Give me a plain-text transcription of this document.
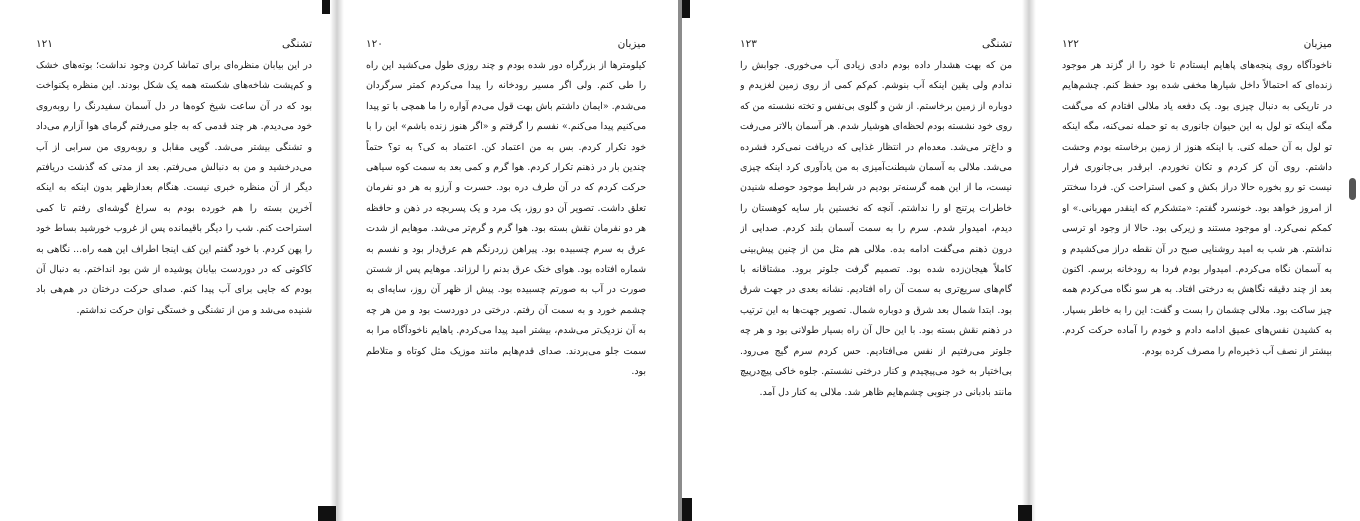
۱۲۱	تشنگی

در این بیابان منظره‌ای برای تماشا کردن وجود نداشت؛ بوته‌های خشک و کم‌پشت شاخه‌های شکسته همه یک شکل بودند. این منظره یکنواخت بود که در آن ساعت شیخ کوه‌ها در دل آسمان سفیدرنگ را روبه‌روی خود می‌دیدم. هر چند قدمی که به جلو می‌رفتم گرمای هوا آزارم می‌داد و تشنگی بیشتر می‌شد. گویی مقابل و روبه‌روی من سرابی از آب می‌درخشید و من به دنبالش می‌رفتم. بعد از مدتی که گذشت دریافتم دیگر از آن منظره خبری نیست. هنگام بعدازظهر بدون اینکه به اینکه آخرین بسته را هم خورده بودم به سراغ گوشه‌ای رفتم تا کمی استراحت کنم. شب را دیگر باقیمانده پس از غروب خورشید بساط خود را پهن کردم. با خود گفتم این کف اینجا اطراف این همه راه... نگاهی به کاکوتی که در دوردست بیابان پوشیده از شن بود انداختم. به دنبال آن بودم که جایی برای آب پیدا کنم. صدای حرکت درختان در هم‌هی باد شنیده می‌شد و من از تشنگی و خستگی توان حرکت نداشتم.

۱۲۰	میزبان

کیلومترها از بزرگراه دور شده بودم و چند روزی طول می‌کشید این راه را طی کنم. ولی اگر مسیر رودخانه را پیدا می‌کردم کمتر سرگردان می‌شدم. «ایمان داشتم باش بهت قول می‌دم آواره را ما همچی با تو پیدا می‌کنیم پیدا می‌کنم.» نفسم را گرفتم و «اگر هنوز زنده باشم» این را با خود تکرار کردم. بس به من اعتماد کن. اعتماد به کی؟ به تو؟ حتماً چندین بار در ذهنم تکرار کردم. هوا گرم و کمی بعد به سمت کوه سیاهی حرکت کردم که در آن طرف دره بود. حسرت و آرزو به هر دو نفرمان تعلق داشت. تصویر آن دو روز، یک مرد و یک پسربچه در ذهن و حافظه هر دو نفرمان نقش بسته بود. هوا گرم و گرم‌تر می‌شد. موهایم از شدت عرق به سرم چسبیده بود. پیراهن زردرنگم هم عرق‌دار بود و نفسم به شماره افتاده بود. هوای خنک عرق بدنم را لرزاند. موهایم پس از شستن صورت در آب به صورتم چسبیده بود. پیش از ظهر آن روز، سایه‌ای به چشمم خورد و به سمت آن رفتم. درختی در دوردست بود و من هر چه به آن نزدیک‌تر می‌شدم، بیشتر امید پیدا می‌کردم. یاهایم ناخودآگاه مرا به سمت جلو می‌بردند. صدای قدم‌هایم مانند موزیک مثل کوتاه و متلاطم بود.

۱۲۳	تشنگی

من که بهت هشدار داده بودم دادی زیادی آب می‌خوری. جوابش را ندادم ولی یقین اینکه آب بنوشم. کم‌کم کمی از روی زمین لغزیدم و دوباره از زمین برخاستم. از شن و گلوی بی‌نفس و تخته نشسته من که روی خود نشسته بودم لحظه‌ای هوشیار شدم. هر آسمان بالاتر می‌رفت و داغ‌تر می‌شد. معده‌ام در انتظار غذایی که دریافت نمی‌کرد فشرده می‌شد. ملالی به آسمان شیطنت‌آمیزی به من یادآوری کرد اینکه چیزی نیست، ما از این همه گرسنه‌تر بودیم در شرایط موجود حوصله شنیدن خاطرات پرتنج او را نداشتم. آنچه که نخستین بار سایه کوهستان را دیدم، امیدوار شدم. سرم را به سمت آسمان بلند کردم. صدایی از درون ذهنم می‌گفت ادامه بده. ملالی هم مثل من از چنین پیش‌بینی کاملاً هیجان‌زده شده بود. تصمیم گرفت جلوتر برود. مشتاقانه با گام‌های سریع‌تری به سمت آن راه افتادیم. نشانه بعدی در جهت شرق بود. ابتدا شمال بعد شرق و دوباره شمال. تصویر جهت‌ها به این ترتیب در ذهنم نقش بسته بود. با این حال آن راه بسیار طولانی بود و هر چه جلوتر می‌رفتیم از نفس می‌افتادیم. حس کردم سرم گیج می‌رود. بی‌اختیار به خود می‌پیچیدم و کنار درختی نشستم. جلوه خاکی پیچ‌درپیچ مانند بادبانی در جنوبی چشم‌هایم ظاهر شد. ملالی به کنار دل آمد.

۱۲۲	میزبان

ناخودآگاه روی پنجه‌های پاهایم ایستادم تا خود را از گزند هر موجود زنده‌ای که احتمالاً داخل شیارها مخفی شده بود حفظ کنم. چشم‌هایم در تاریکی به دنبال چیزی بود. یک دفعه یاد ملالی افتادم که می‌گفت مگه اینکه تو لول به این حیوان جانوری به تو حمله نمی‌کنه، مگه اینکه تو لول به آن حمله کنی. با اینکه هنوز از زمین برخاسته بودم وحشت داشتم. روی آن کز کردم و تکان نخوردم. ابرقدر بی‌جانوری فرار نیست تو رو بخوره حالا دراز بکش و کمی استراحت کن. فردا سختتر از امروز خواهد بود. خونسرد گفتم: «متشکرم که اینقدر مهربانی.» او کمکم نمی‌کرد. او موجود مستند و زیرکی بود. حالا از وجود او ترسی نداشتم. هر شب به امید روشنایی صبح در آن نقطه دراز می‌کشیدم و به آسمان نگاه می‌کردم. امیدوار بودم فردا به رودخانه برسم. اکنون بعد از چند دقیقه نگاهش به درختی افتاد. به هر سو نگاه می‌کردم همه چیز ساکت بود. ملالی چشمان را بست و گفت: این را به خاطر بسپار. به کشیدن نفس‌های عمیق ادامه دادم و خودم را آماده حرکت کردم. بیشتر از نصف آب ذخیره‌ام را مصرف کرده بودم.
